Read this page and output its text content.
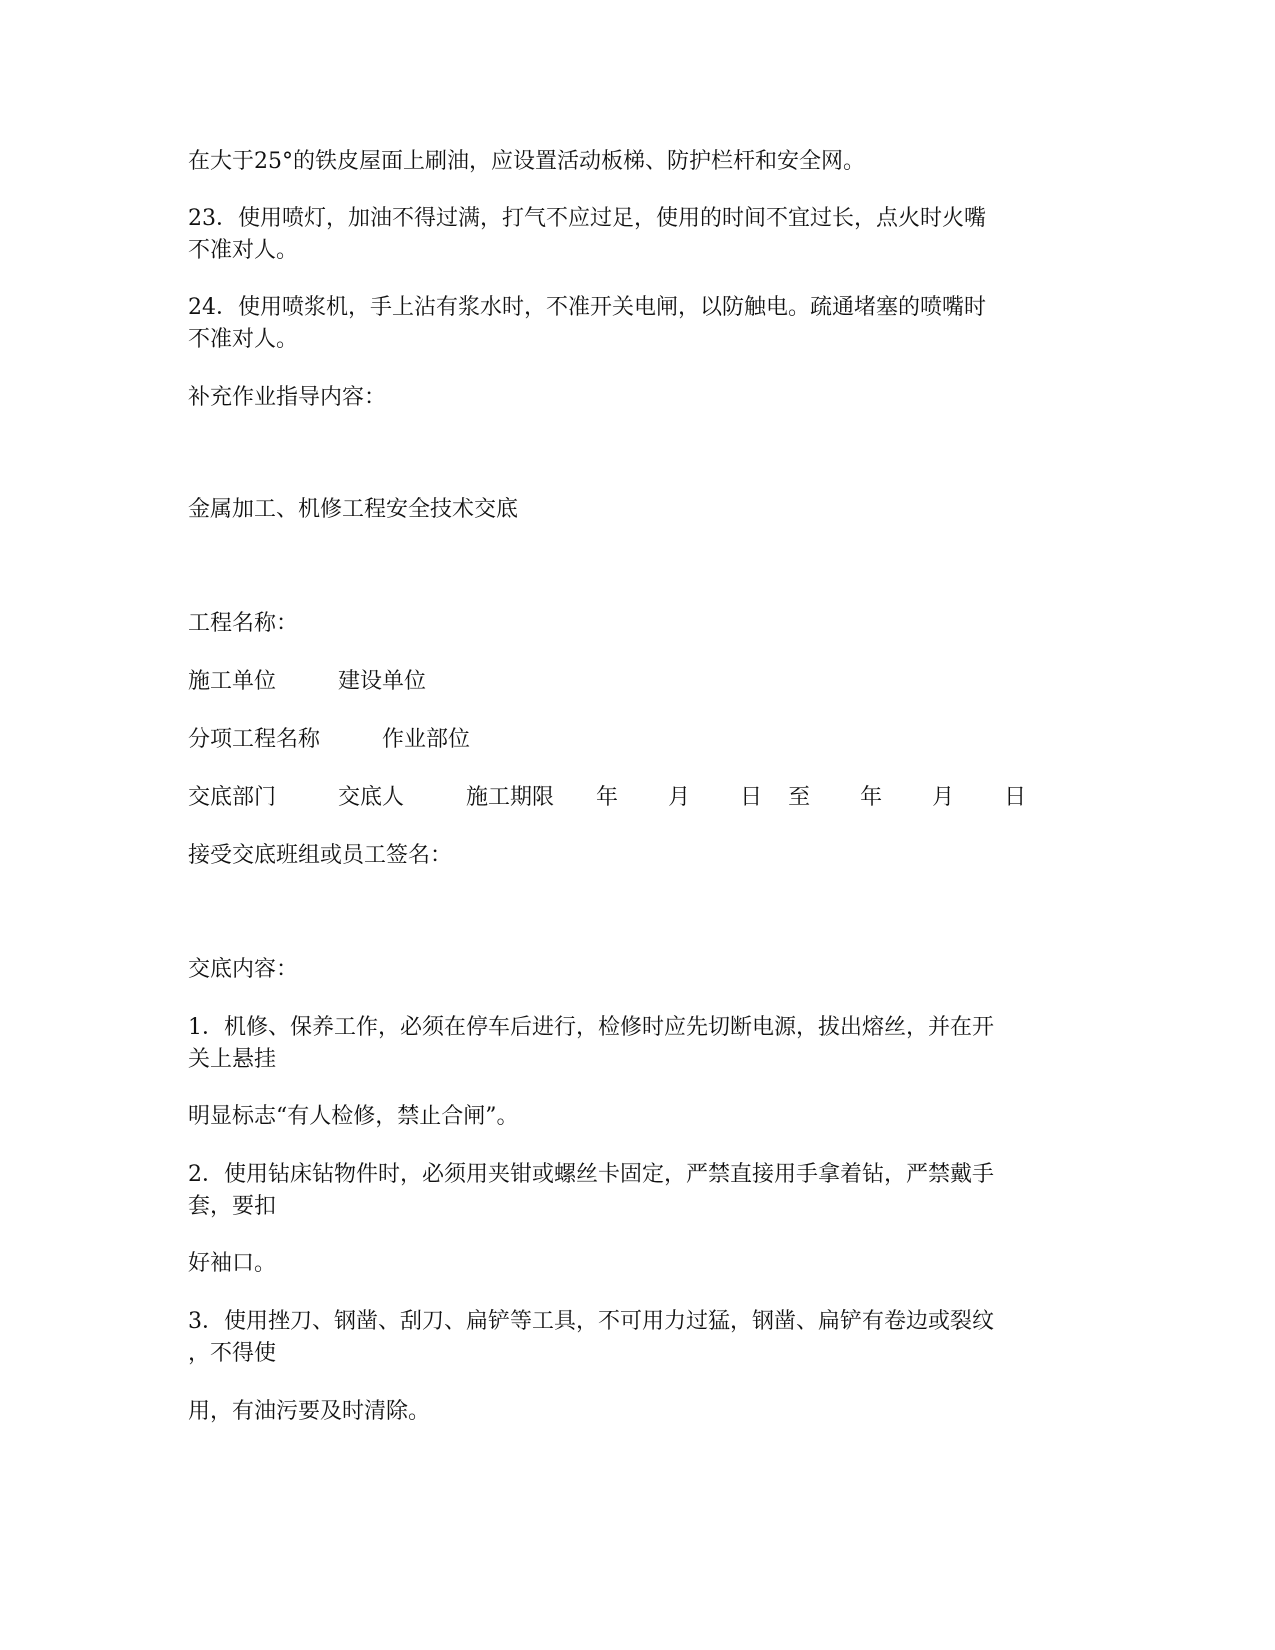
在大于25°的铁皮屋面上刷油，应设置活动板梯、防护栏杆和安全网。
23．使用喷灯，加油不得过满，打气不应过足，使用的时间不宜过长，点火时火嘴
不准对人。
24．使用喷浆机，手上沾有浆水时，不准开关电闸，以防触电。疏通堵塞的喷嘴时
不准对人。
补充作业指导内容：
金属加工、机修工程安全技术交底
工程名称：
施工单位	建设单位
分项工程名称	作业部位
交底部门	交底人	施工期限 年 月 日 至 年 月 日
接受交底班组或员工签名：
交底内容：
1．机修、保养工作，必须在停车后进行，检修时应先切断电源，拔出熔丝，并在开
关上悬挂
明显标志“有人检修，禁止合闸”。
2．使用钻床钻物件时，必须用夹钳或螺丝卡固定，严禁直接用手拿着钻，严禁戴手
套，要扣
好袖口。
3．使用挫刀、钢凿、刮刀、扁铲等工具，不可用力过猛，钢凿、扁铲有卷边或裂纹
，不得使
用，有油污要及时清除。
